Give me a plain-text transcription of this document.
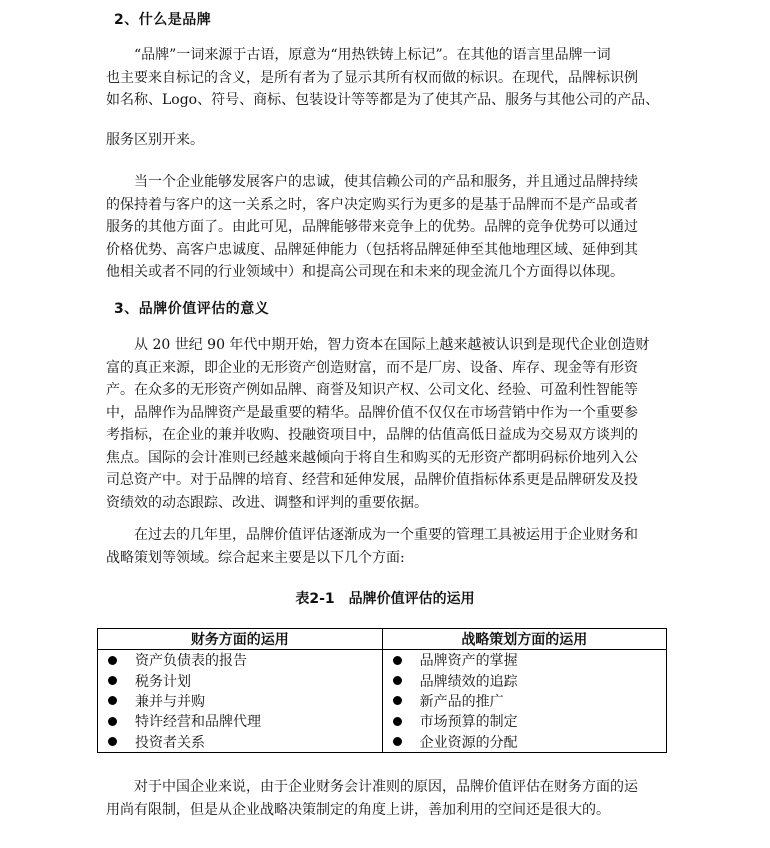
2、什么是品牌
“品牌”一词来源于古语，原意为“用热铁铸上标记”。在其他的语言里品牌一词
也主要来自标记的含义，是所有者为了显示其所有权而做的标识。在现代，品牌标识例
如名称、Logo、符号、商标、包装设计等等都是为了使其产品、服务与其他公司的产品、
服务区别开来。
当一个企业能够发展客户的忠诚，使其信赖公司的产品和服务，并且通过品牌持续
的保持着与客户的这一关系之时，客户决定购买行为更多的是基于品牌而不是产品或者
服务的其他方面了。由此可见，品牌能够带来竞争上的优势。品牌的竞争优势可以通过
价格优势、高客户忠诚度、品牌延伸能力（包括将品牌延伸至其他地理区域、延伸到其
他相关或者不同的行业领域中）和提高公司现在和未来的现金流几个方面得以体现。
3、品牌价值评估的意义
从 20 世纪 90 年代中期开始，智力资本在国际上越来越被认识到是现代企业创造财
富的真正来源，即企业的无形资产创造财富，而不是厂房、设备、库存、现金等有形资
产。在众多的无形资产例如品牌、商誉及知识产权、公司文化、经验、可盈利性智能等
中，品牌作为品牌资产是最重要的精华。品牌价值不仅仅在市场营销中作为一个重要参
考指标，在企业的兼并收购、投融资项目中，品牌的估值高低日益成为交易双方谈判的
焦点。国际的会计准则已经越来越倾向于将自生和购买的无形资产都明码标价地列入公
司总资产中。对于品牌的培育、经营和延伸发展，品牌价值指标体系更是品牌研发及投
资绩效的动态跟踪、改进、调整和评判的重要依据。
在过去的几年里，品牌价值评估逐渐成为一个重要的管理工具被运用于企业财务和
战略策划等领域。综合起来主要是以下几个方面:
表2-1　品牌价值评估的运用
财务方面的运用	战略策划方面的运用
资产负债表的报告	品牌资产的掌握
税务计划	品牌绩效的追踪
兼并与并购	新产品的推广
特许经营和品牌代理	市场预算的制定
投资者关系	企业资源的分配
对于中国企业来说，由于企业财务会计准则的原因，品牌价值评估在财务方面的运
用尚有限制，但是从企业战略决策制定的角度上讲，善加利用的空间还是很大的。
